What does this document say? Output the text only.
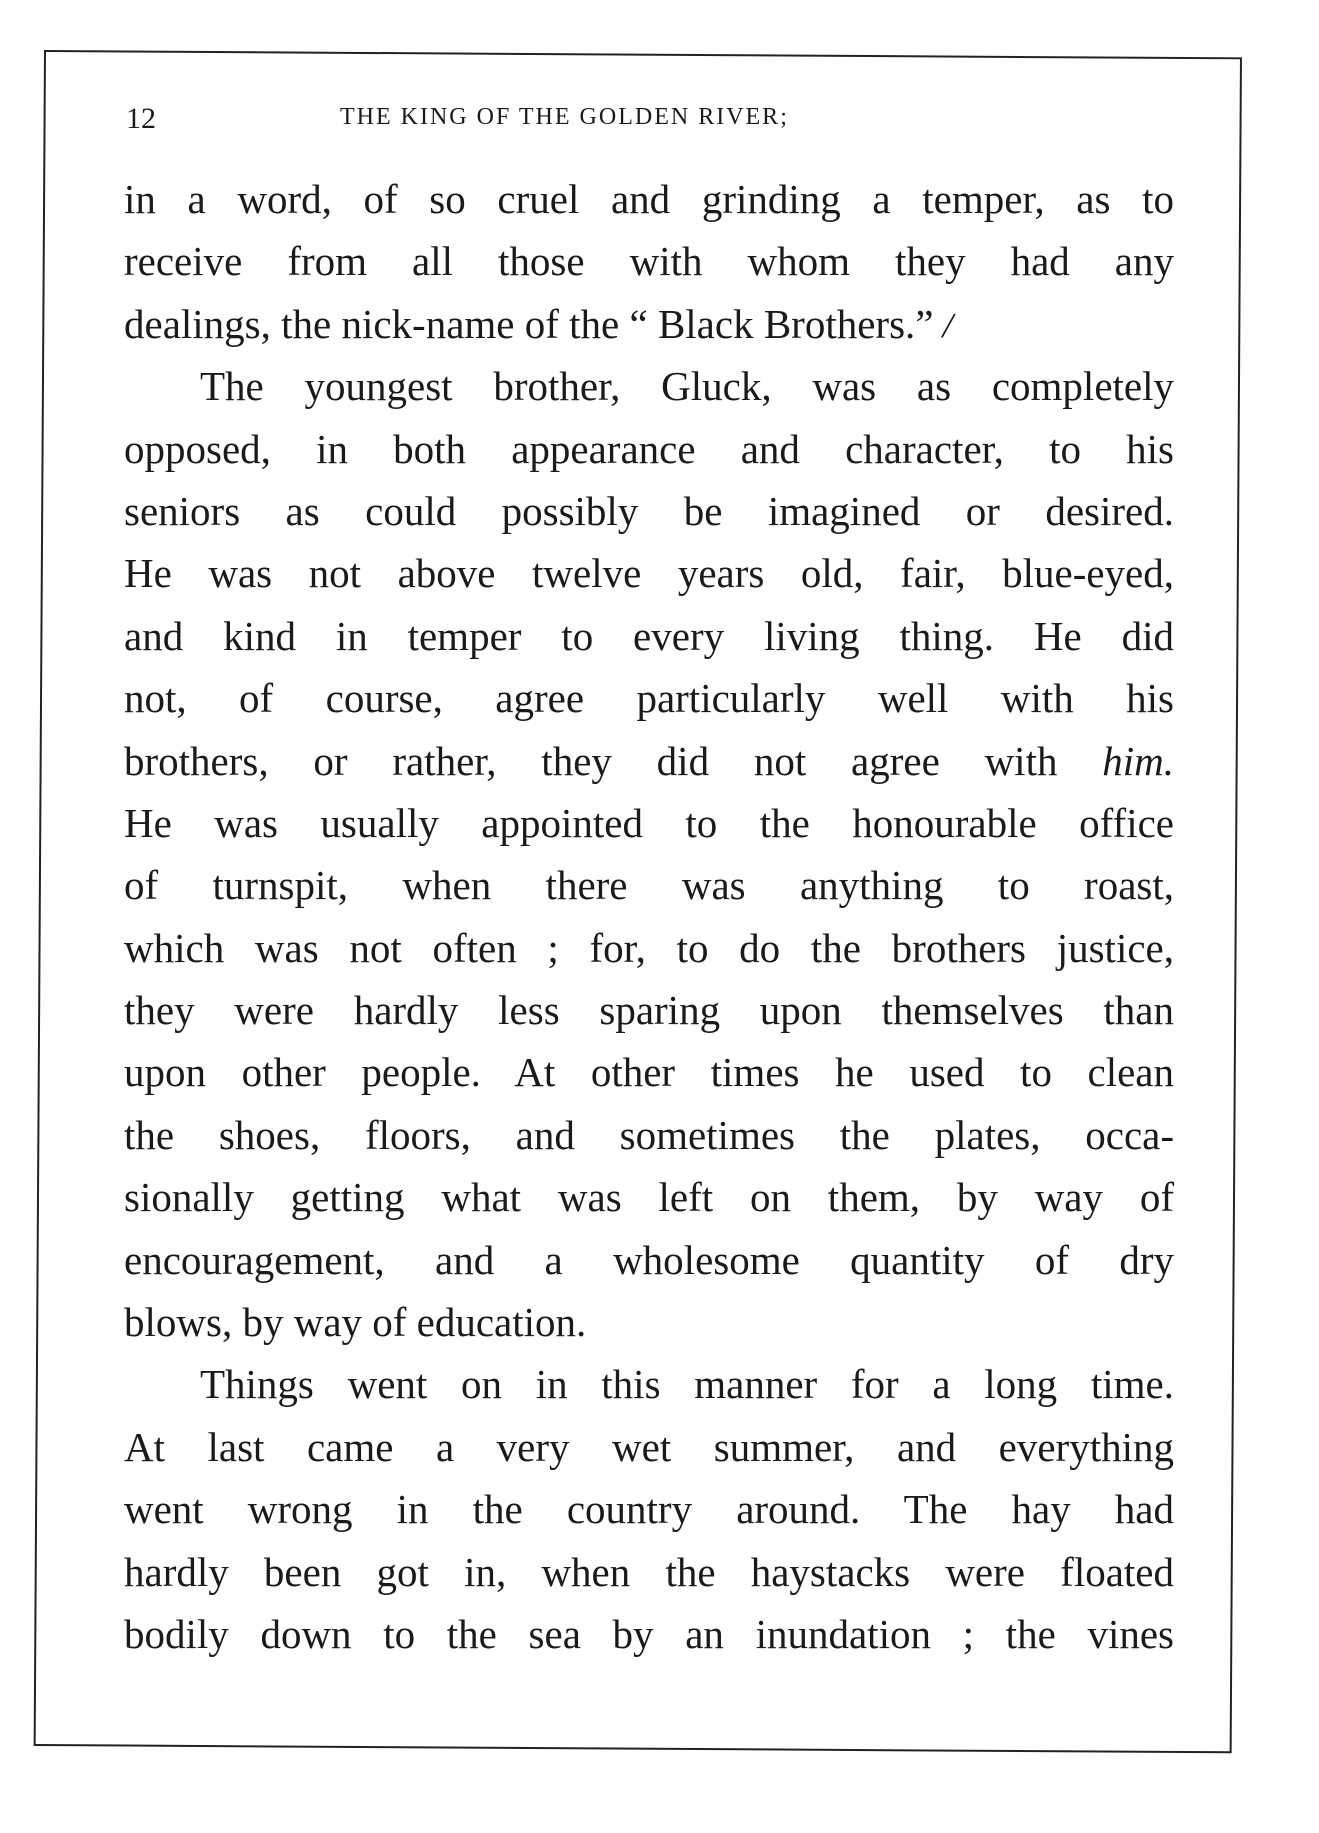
12	THE KING OF THE GOLDEN RIVER;
in a word, of so cruel and grinding a temper, as to
receive from all those with whom they had any
dealings, the nick-name of the “ Black Brothers.” /
The youngest brother, Gluck, was as completely
opposed, in both appearance and character, to his
seniors as could possibly be imagined or desired.
He was not above twelve years old, fair, blue-eyed,
and kind in temper to every living thing. He did
not, of course, agree particularly well with his
brothers, or rather, they did not agree with him.
He was usually appointed to the honourable office
of turnspit, when there was anything to roast,
which was not often ; for, to do the brothers justice,
they were hardly less sparing upon themselves than
upon other people. At other times he used to clean
the shoes, floors, and sometimes the plates, occa-
sionally getting what was left on them, by way of
encouragement, and a wholesome quantity of dry
blows, by way of education.
Things went on in this manner for a long time.
At last came a very wet summer, and everything
went wrong in the country around. The hay had
hardly been got in, when the haystacks were floated
bodily down to the sea by an inundation ; the vines
